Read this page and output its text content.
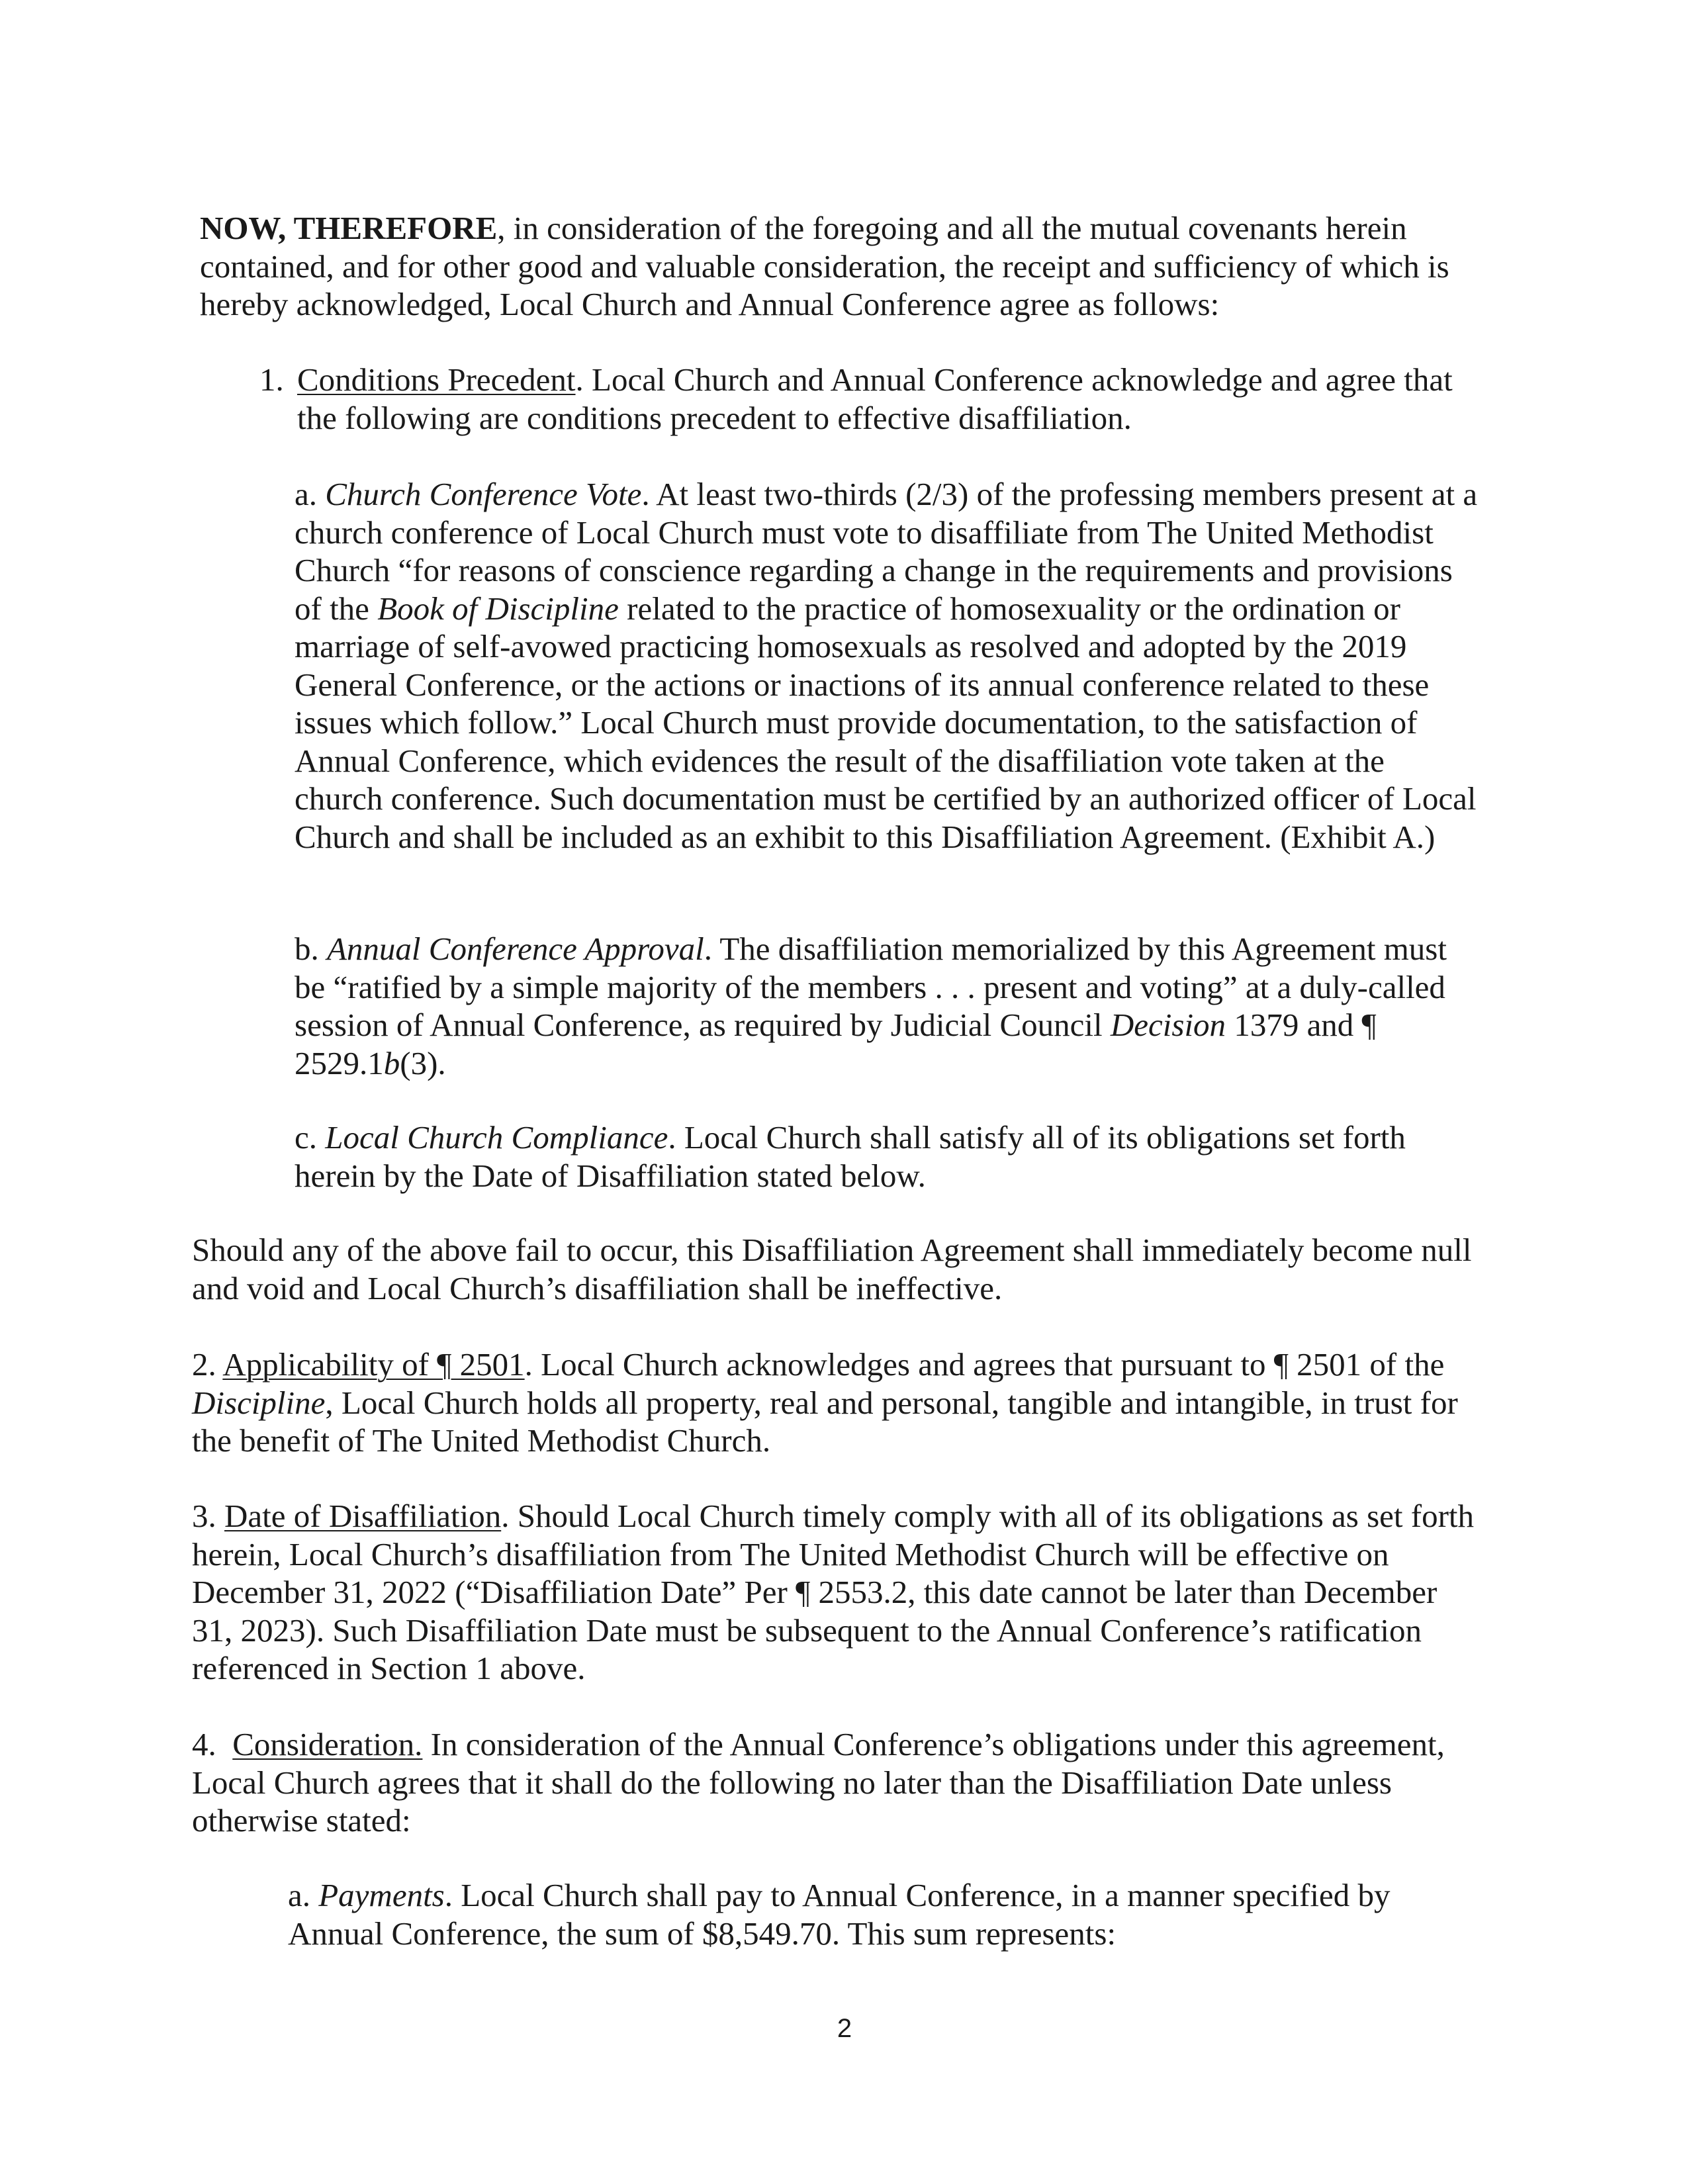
NOW, THEREFORE, in consideration of the foregoing and all the mutual covenants herein contained, and for other good and valuable consideration, the receipt and sufficiency of which is hereby acknowledged, Local Church and Annual Conference agree as follows:

1. Conditions Precedent. Local Church and Annual Conference acknowledge and agree that the following are conditions precedent to effective disaffiliation.

a. Church Conference Vote. At least two-thirds (2/3) of the professing members present at a church conference of Local Church must vote to disaffiliate from The United Methodist Church “for reasons of conscience regarding a change in the requirements and provisions of the Book of Discipline related to the practice of homosexuality or the ordination or marriage of self-avowed practicing homosexuals as resolved and adopted by the 2019 General Conference, or the actions or inactions of its annual conference related to these issues which follow.” Local Church must provide documentation, to the satisfaction of Annual Conference, which evidences the result of the disaffiliation vote taken at the church conference. Such documentation must be certified by an authorized officer of Local Church and shall be included as an exhibit to this Disaffiliation Agreement. (Exhibit A.)

b. Annual Conference Approval. The disaffiliation memorialized by this Agreement must be “ratified by a simple majority of the members . . . present and voting” at a duly-called session of Annual Conference, as required by Judicial Council Decision 1379 and ¶ 2529.1b(3).

c. Local Church Compliance. Local Church shall satisfy all of its obligations set forth herein by the Date of Disaffiliation stated below.

Should any of the above fail to occur, this Disaffiliation Agreement shall immediately become null and void and Local Church’s disaffiliation shall be ineffective.

2. Applicability of ¶ 2501. Local Church acknowledges and agrees that pursuant to ¶ 2501 of the Discipline, Local Church holds all property, real and personal, tangible and intangible, in trust for the benefit of The United Methodist Church.

3. Date of Disaffiliation. Should Local Church timely comply with all of its obligations as set forth herein, Local Church’s disaffiliation from The United Methodist Church will be effective on December 31, 2022 (“Disaffiliation Date” Per ¶ 2553.2, this date cannot be later than December 31, 2023). Such Disaffiliation Date must be subsequent to the Annual Conference’s ratification referenced in Section 1 above.

4.  Consideration. In consideration of the Annual Conference’s obligations under this agreement, Local Church agrees that it shall do the following no later than the Disaffiliation Date unless otherwise stated:

a. Payments. Local Church shall pay to Annual Conference, in a manner specified by Annual Conference, the sum of $8,549.70. This sum represents:

2
